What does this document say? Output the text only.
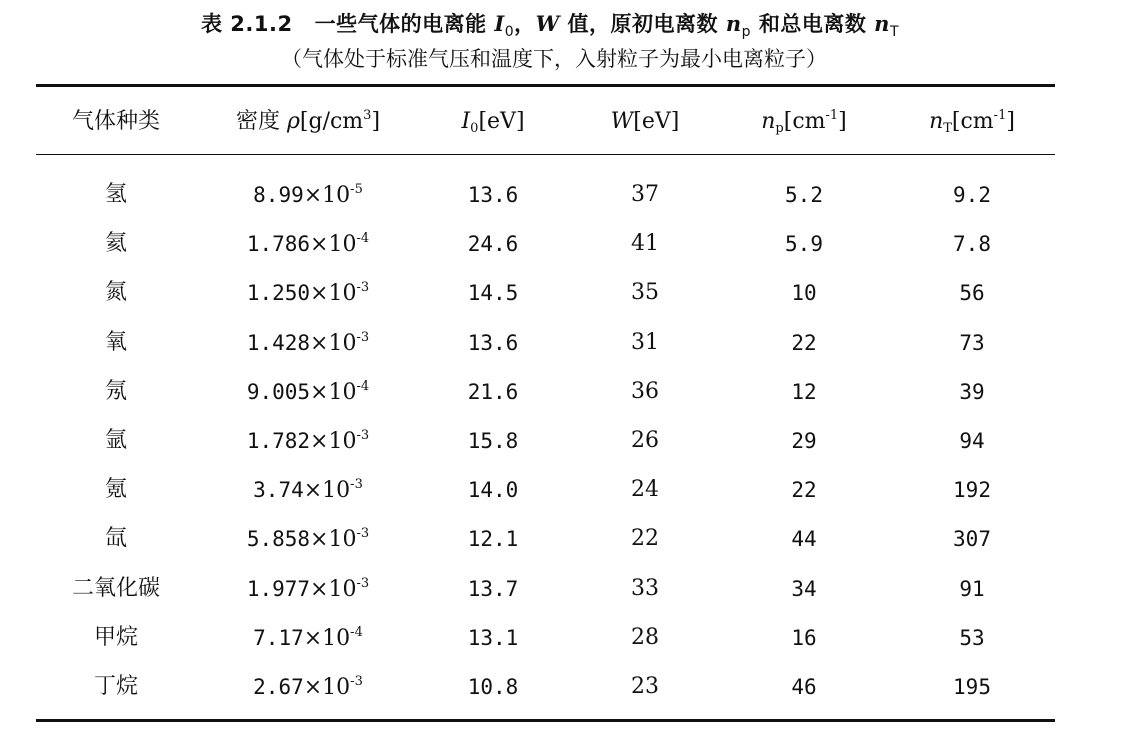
表 2.1.2 一些气体的电离能 $I_0$，W 值，原初电离数 $n_p$ 和总电离数 $n_T$
（气体处于标准气压和温度下，入射粒子为最小电离粒子）
气体种类	密度 $\rho[g/cm^3]$	$I_0[eV]$	W[eV]	$n_p[cm^{-1}]$	$n_T[cm^{-1}]$
氢	$8.99\times 10^{-5}$	13.6	37	5.2	9.2
氦	$1.786\times 10^{-4}$	24.6	41	5.9	7.8
氮	$1.250\times 10^{-3}$	14.5	35	10	56
氧	$1.428\times 10^{-3}$	13.6	31	22	73
氖	$9.005\times 10^{-4}$	21.6	36	12	39
氩	$1.782\times 10^{-3}$	15.8	26	29	94
氪	$3.74\times 10^{-3}$	14.0	24	22	192
氙	$5.858\times 10^{-3}$	12.1	22	44	307
二氧化碳	$1.977\times 10^{-3}$	13.7	33	34	91
甲烷	$7.17\times 10^{-4}$	13.1	28	16	53
丁烷	$2.67\times 10^{-3}$	10.8	23	46	195
